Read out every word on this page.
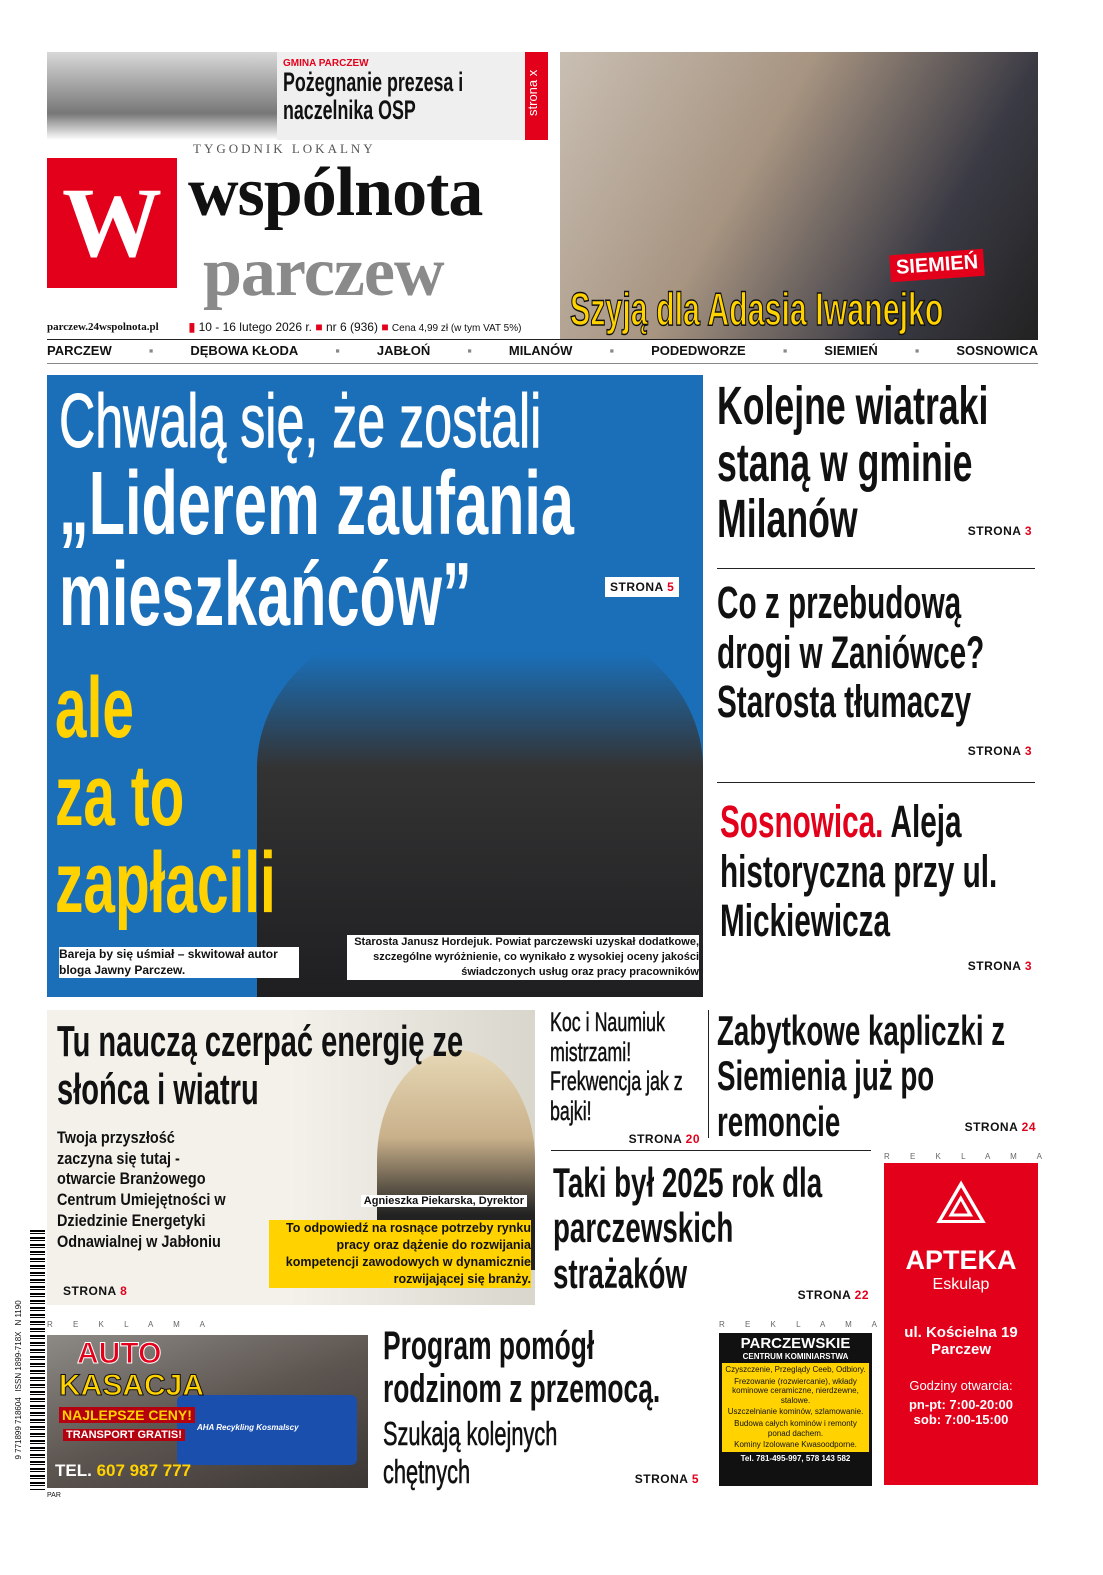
GMINA PARCZEW
Pożegnanie prezesa i naczelnika OSP	strona x
W
TYGODNIK LOKALNY
wspólnota
parczew	SIEMIEŃ
Szyją dla Adasia Iwanejko
parczew.24wspolnota.pl	▮ 10 - 16 lutego 2026 r. ■ nr 6 (936) ■ Cena 4,99 zł (w tym VAT 5%)
PARCZEW	▪	DĘBOWA KŁODA	▪	JABŁOŃ	▪	MILANÓW	▪	PODEDWORZE	▪	SIEMIEŃ	▪	SOSNOWICA
Chwalą się, że zostali
„Liderem zaufania
mieszkańców”	STRONA 5
ale
za to
zapłacili
Bareja by się uśmiał – skwitował autor bloga Jawny Parczew.
Starosta Janusz Hordejuk. Powiat parczewski uzyskał dodatkowe, szczególne wyróżnienie, co wynikało z wysokiej oceny jakości świadczonych usług oraz pracy pracowników
Kolejne wiatraki staną w gminie Milanów	STRONA 3
Co z przebudową drogi w Zaniówce? Starosta tłumaczy
STRONA 3
Sosnowica. Aleja historyczna przy ul. Mickiewicza
STRONA 3
Tu nauczą czerpać energię ze słońca i wiatru
Twoja przyszłość zaczyna się tutaj - otwarcie Branżowego Centrum Umiejętności w Dziedzinie Energetyki Odnawialnej w Jabłoniu
STRONA 8
Agnieszka Piekarska, Dyrektor
To odpowiedź na rosnące potrzeby rynku pracy oraz dążenie do rozwijania kompetencji zawodowych w dynamicznie rozwijającej się branży.
Koc i Naumiuk mistrzami! Frekwencja jak z bajki!
STRONA 20
Zabytkowe kapliczki z Siemienia już po remoncie	STRONA 24
Taki był 2025 rok dla parczewskich strażaków	STRONA 22
R E K L A M A
⟁
APTEKA
Eskulap
ul. Kościelna 19
Parczew
Godziny otwarcia:
pn-pt: 7:00-20:00
sob: 7:00-15:00
9 771899 718604
ISSN 1899-718X
N 1190
PAR
R E K L A M A
AHA Recykling Kosmalscy
AUTO
KASACJA
NAJLEPSZE CENY!
TRANSPORT GRATIS!
TEL. 607 987 777
Program pomógł rodzinom z przemocą.
Szukają kolejnych chętnych	STRONA 5
R E K L A M A
PARCZEWSKIE
CENTRUM KOMINIARSTWA
Czyszczenie, Przeglądy Ceeb, Odbiory.
Frezowanie (rozwiercanie), wkłady kominowe ceramiczne, nierdzewne, stalowe.
Uszczelnianie kominów, szlamowanie.
Budowa całych kominów i remonty ponad dachem.
Kominy Izolowane Kwasoodporne.
Tel. 781-495-997, 578 143 582
